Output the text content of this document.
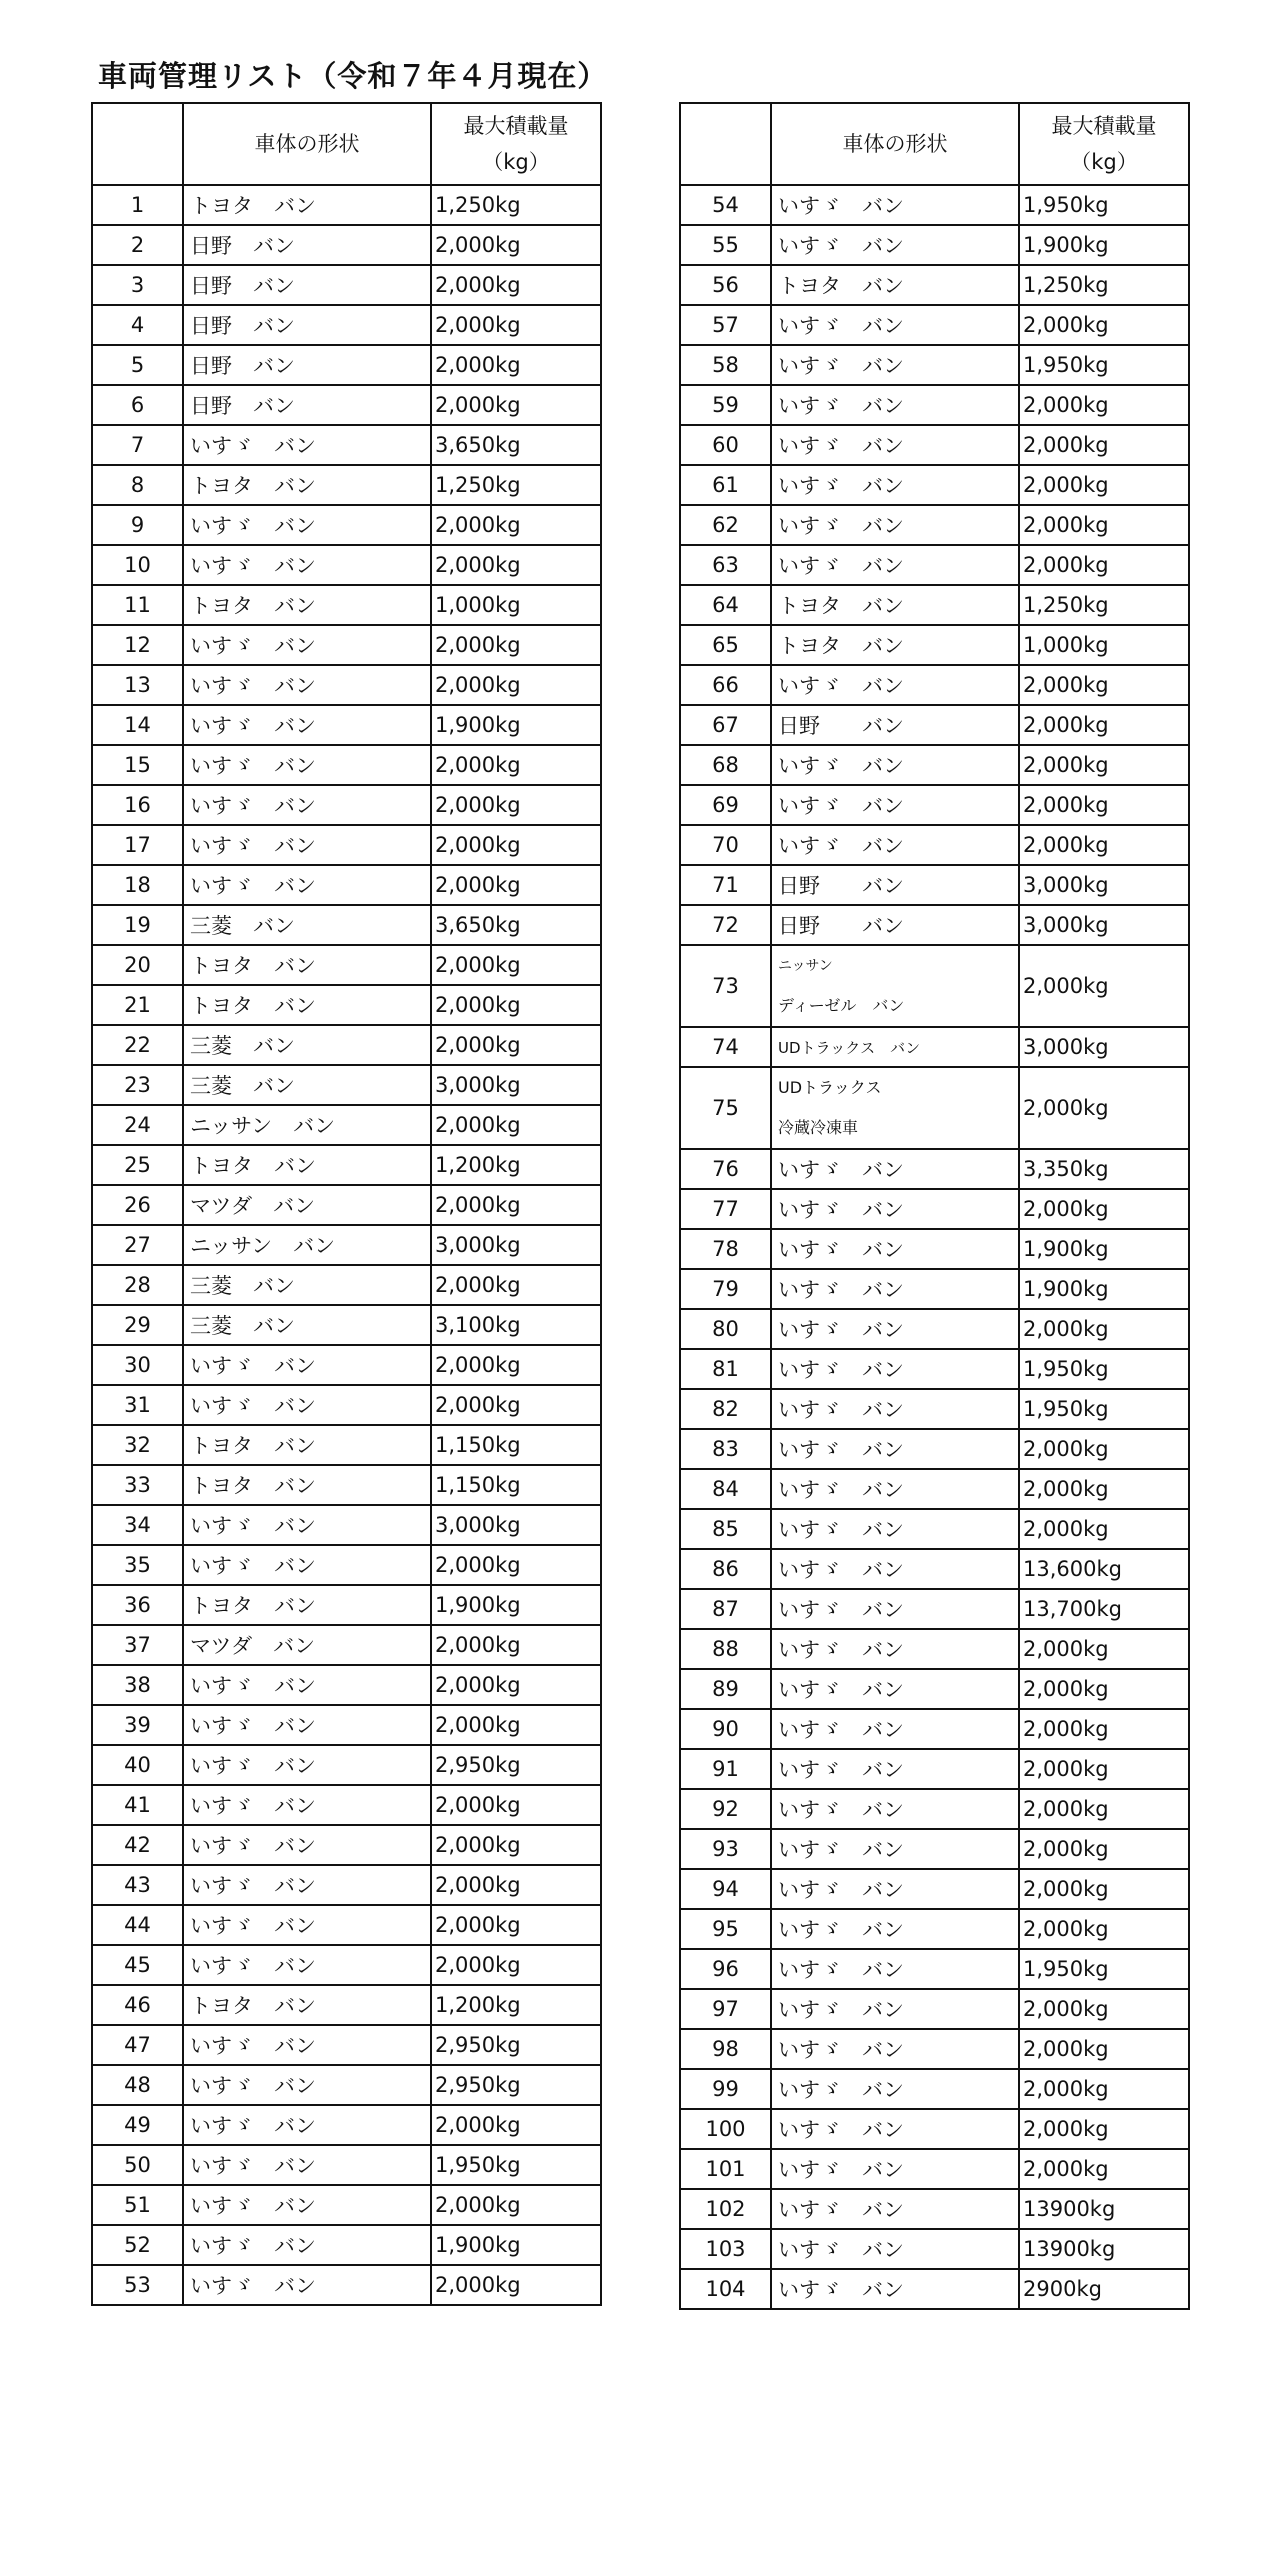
車両管理リスト（令和７年４月現在）
	車体の形状	最大積載量
（kg）

1	トヨタ　バン	1,250kg
2	日野　バン	2,000kg
3	日野　バン	2,000kg
4	日野　バン	2,000kg
5	日野　バン	2,000kg
6	日野　バン	2,000kg
7	いすゞ　バン	3,650kg
8	トヨタ　バン	1,250kg
9	いすゞ　バン	2,000kg
10	いすゞ　バン	2,000kg
11	トヨタ　バン	1,000kg
12	いすゞ　バン	2,000kg
13	いすゞ　バン	2,000kg
14	いすゞ　バン	1,900kg
15	いすゞ　バン	2,000kg
16	いすゞ　バン	2,000kg
17	いすゞ　バン	2,000kg
18	いすゞ　バン	2,000kg
19	三菱　バン	3,650kg
20	トヨタ　バン	2,000kg
21	トヨタ　バン	2,000kg
22	三菱　バン	2,000kg
23	三菱　バン	3,000kg
24	ニッサン　バン	2,000kg
25	トヨタ　バン	1,200kg
26	マツダ　バン	2,000kg
27	ニッサン　バン	3,000kg
28	三菱　バン	2,000kg
29	三菱　バン	3,100kg
30	いすゞ　バン	2,000kg
31	いすゞ　バン	2,000kg
32	トヨタ　バン	1,150kg
33	トヨタ　バン	1,150kg
34	いすゞ　バン	3,000kg
35	いすゞ　バン	2,000kg
36	トヨタ　バン	1,900kg
37	マツダ　バン	2,000kg
38	いすゞ　バン	2,000kg
39	いすゞ　バン	2,000kg
40	いすゞ　バン	2,950kg
41	いすゞ　バン	2,000kg
42	いすゞ　バン	2,000kg
43	いすゞ　バン	2,000kg
44	いすゞ　バン	2,000kg
45	いすゞ　バン	2,000kg
46	トヨタ　バン	1,200kg
47	いすゞ　バン	2,950kg
48	いすゞ　バン	2,950kg
49	いすゞ　バン	2,000kg
50	いすゞ　バン	1,950kg
51	いすゞ　バン	2,000kg
52	いすゞ　バン	1,900kg
53	いすゞ　バン	2,000kg
	車体の形状	最大積載量
（kg）

54	いすゞ　バン	1,950kg
55	いすゞ　バン	1,900kg
56	トヨタ　バン	1,250kg
57	いすゞ　バン	2,000kg
58	いすゞ　バン	1,950kg
59	いすゞ　バン	2,000kg
60	いすゞ　バン	2,000kg
61	いすゞ　バン	2,000kg
62	いすゞ　バン	2,000kg
63	いすゞ　バン	2,000kg
64	トヨタ　バン	1,250kg
65	トヨタ　バン	1,000kg
66	いすゞ　バン	2,000kg
67	日野　　バン	2,000kg
68	いすゞ　バン	2,000kg
69	いすゞ　バン	2,000kg
70	いすゞ　バン	2,000kg
71	日野　　バン	3,000kg
72	日野　　バン	3,000kg
73	ニッサン
ディーゼル　バン	2,000kg
74	UDトラックス　バン	3,000kg
75	UDトラックス
冷蔵冷凍車	2,000kg
76	いすゞ　バン	3,350kg
77	いすゞ　バン	2,000kg
78	いすゞ　バン	1,900kg
79	いすゞ　バン	1,900kg
80	いすゞ　バン	2,000kg
81	いすゞ　バン	1,950kg
82	いすゞ　バン	1,950kg
83	いすゞ　バン	2,000kg
84	いすゞ　バン	2,000kg
85	いすゞ　バン	2,000kg
86	いすゞ　バン	13,600kg
87	いすゞ　バン	13,700kg
88	いすゞ　バン	2,000kg
89	いすゞ　バン	2,000kg
90	いすゞ　バン	2,000kg
91	いすゞ　バン	2,000kg
92	いすゞ　バン	2,000kg
93	いすゞ　バン	2,000kg
94	いすゞ　バン	2,000kg
95	いすゞ　バン	2,000kg
96	いすゞ　バン	1,950kg
97	いすゞ　バン	2,000kg
98	いすゞ　バン	2,000kg
99	いすゞ　バン	2,000kg
100	いすゞ　バン	2,000kg
101	いすゞ　バン	2,000kg
102	いすゞ　バン	13900kg
103	いすゞ　バン	13900kg
104	いすゞ　バン	2900kg
